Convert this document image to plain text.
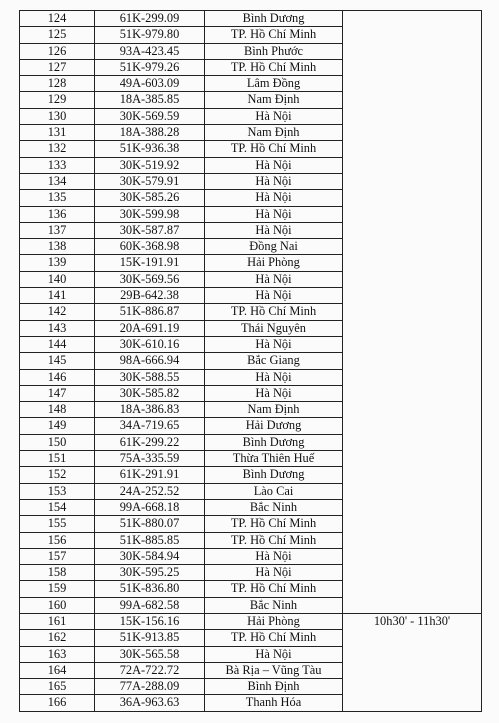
124	61K-299.09	Bình Dương	
125	51K-979.80	TP. Hồ Chí Minh	
126	93A-423.45	Bình Phước	
127	51K-979.26	TP. Hồ Chí Minh	
128	49A-603.09	Lâm Đồng	
129	18A-385.85	Nam Định	
130	30K-569.59	Hà Nội	
131	18A-388.28	Nam Định	
132	51K-936.38	TP. Hồ Chí Minh	
133	30K-519.92	Hà Nội	
134	30K-579.91	Hà Nội	
135	30K-585.26	Hà Nội	
136	30K-599.98	Hà Nội	
137	30K-587.87	Hà Nội	
138	60K-368.98	Đồng Nai	
139	15K-191.91	Hải Phòng	
140	30K-569.56	Hà Nội	
141	29B-642.38	Hà Nội	
142	51K-886.87	TP. Hồ Chí Minh	
143	20A-691.19	Thái Nguyên	
144	30K-610.16	Hà Nội	
145	98A-666.94	Bắc Giang	
146	30K-588.55	Hà Nội	
147	30K-585.82	Hà Nội	
148	18A-386.83	Nam Định	
149	34A-719.65	Hải Dương	
150	61K-299.22	Bình Dương	
151	75A-335.59	Thừa Thiên Huế	
152	61K-291.91	Bình Dương	
153	24A-252.52	Lào Cai	
154	99A-668.18	Bắc Ninh	
155	51K-880.07	TP. Hồ Chí Minh	
156	51K-885.85	TP. Hồ Chí Minh	
157	30K-584.94	Hà Nội	
158	30K-595.25	Hà Nội	
159	51K-836.80	TP. Hồ Chí Minh	
160	99A-682.58	Bắc Ninh	
161	15K-156.16	Hải Phòng	10h30' - 11h30'
162	51K-913.85	TP. Hồ Chí Minh	
163	30K-565.58	Hà Nội	
164	72A-722.72	Bà Rịa – Vũng Tàu	
165	77A-288.09	Bình Định	
166	36A-963.63	Thanh Hóa	
